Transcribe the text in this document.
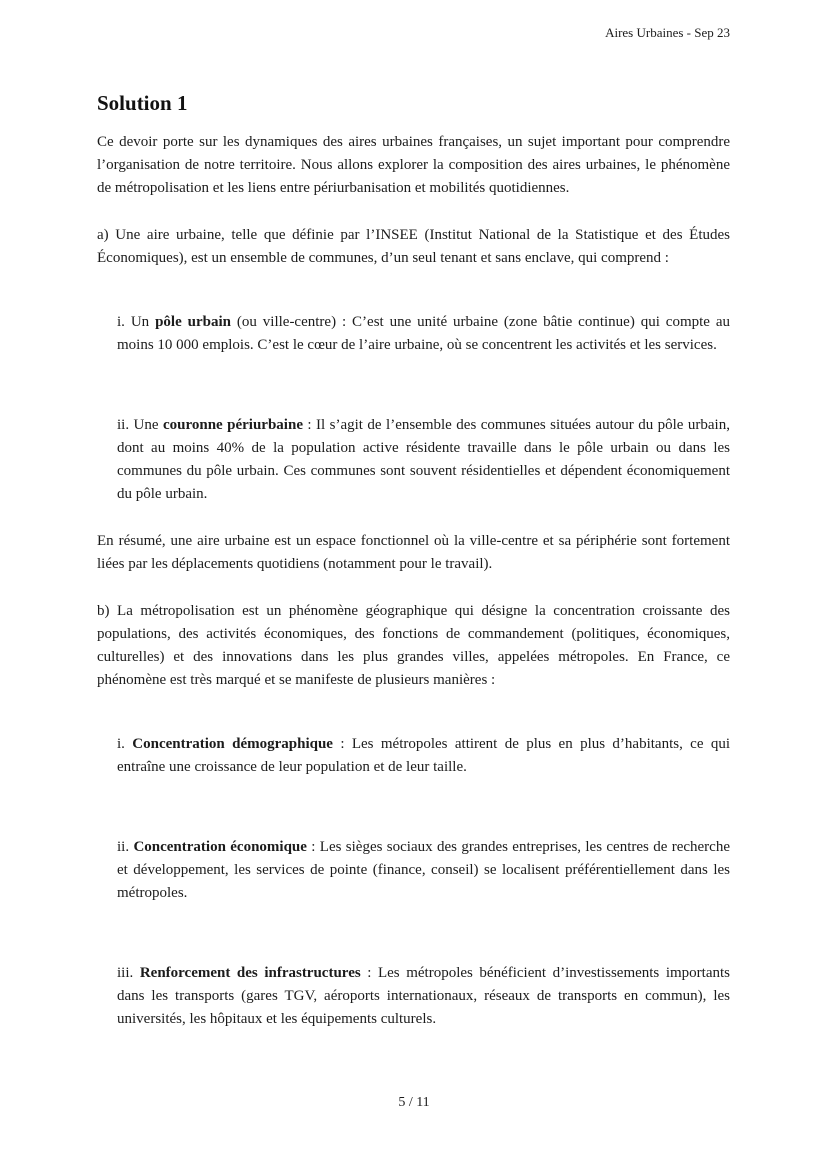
Aires Urbaines - Sep 23
Solution 1

Ce devoir porte sur les dynamiques des aires urbaines françaises, un sujet important pour comprendre l’organisation de notre territoire. Nous allons explorer la composition des aires urbaines, le phénomène de métropolisation et les liens entre périurbanisation et mobilités quotidiennes.

a) Une aire urbaine, telle que définie par l’INSEE (Institut National de la Statistique et des Études Économiques), est un ensemble de communes, d’un seul tenant et sans enclave, qui comprend :

i. Un pôle urbain (ou ville-centre) : C’est une unité urbaine (zone bâtie continue) qui compte au moins 10 000 emplois. C’est le cœur de l’aire urbaine, où se concentrent les activités et les services.
ii. Une couronne périurbaine : Il s’agit de l’ensemble des communes situées autour du pôle urbain, dont au moins 40% de la population active résidente travaille dans le pôle urbain ou dans les communes du pôle urbain. Ces communes sont souvent résidentielles et dépendent économiquement du pôle urbain.

En résumé, une aire urbaine est un espace fonctionnel où la ville-centre et sa périphérie sont fortement liées par les déplacements quotidiens (notamment pour le travail).

b) La métropolisation est un phénomène géographique qui désigne la concentration croissante des populations, des activités économiques, des fonctions de commandement (politiques, économiques, culturelles) et des innovations dans les plus grandes villes, appelées métropoles. En France, ce phénomène est très marqué et se manifeste de plusieurs manières :

i. Concentration démographique : Les métropoles attirent de plus en plus d’habitants, ce qui entraîne une croissance de leur population et de leur taille.
ii. Concentration économique : Les sièges sociaux des grandes entreprises, les centres de recherche et développement, les services de pointe (finance, conseil) se localisent préférentiellement dans les métropoles.
iii. Renforcement des infrastructures : Les métropoles bénéficient d’investissements importants dans les transports (gares TGV, aéroports internationaux, réseaux de transports en commun), les universités, les hôpitaux et les équipements culturels.
5 / 11
